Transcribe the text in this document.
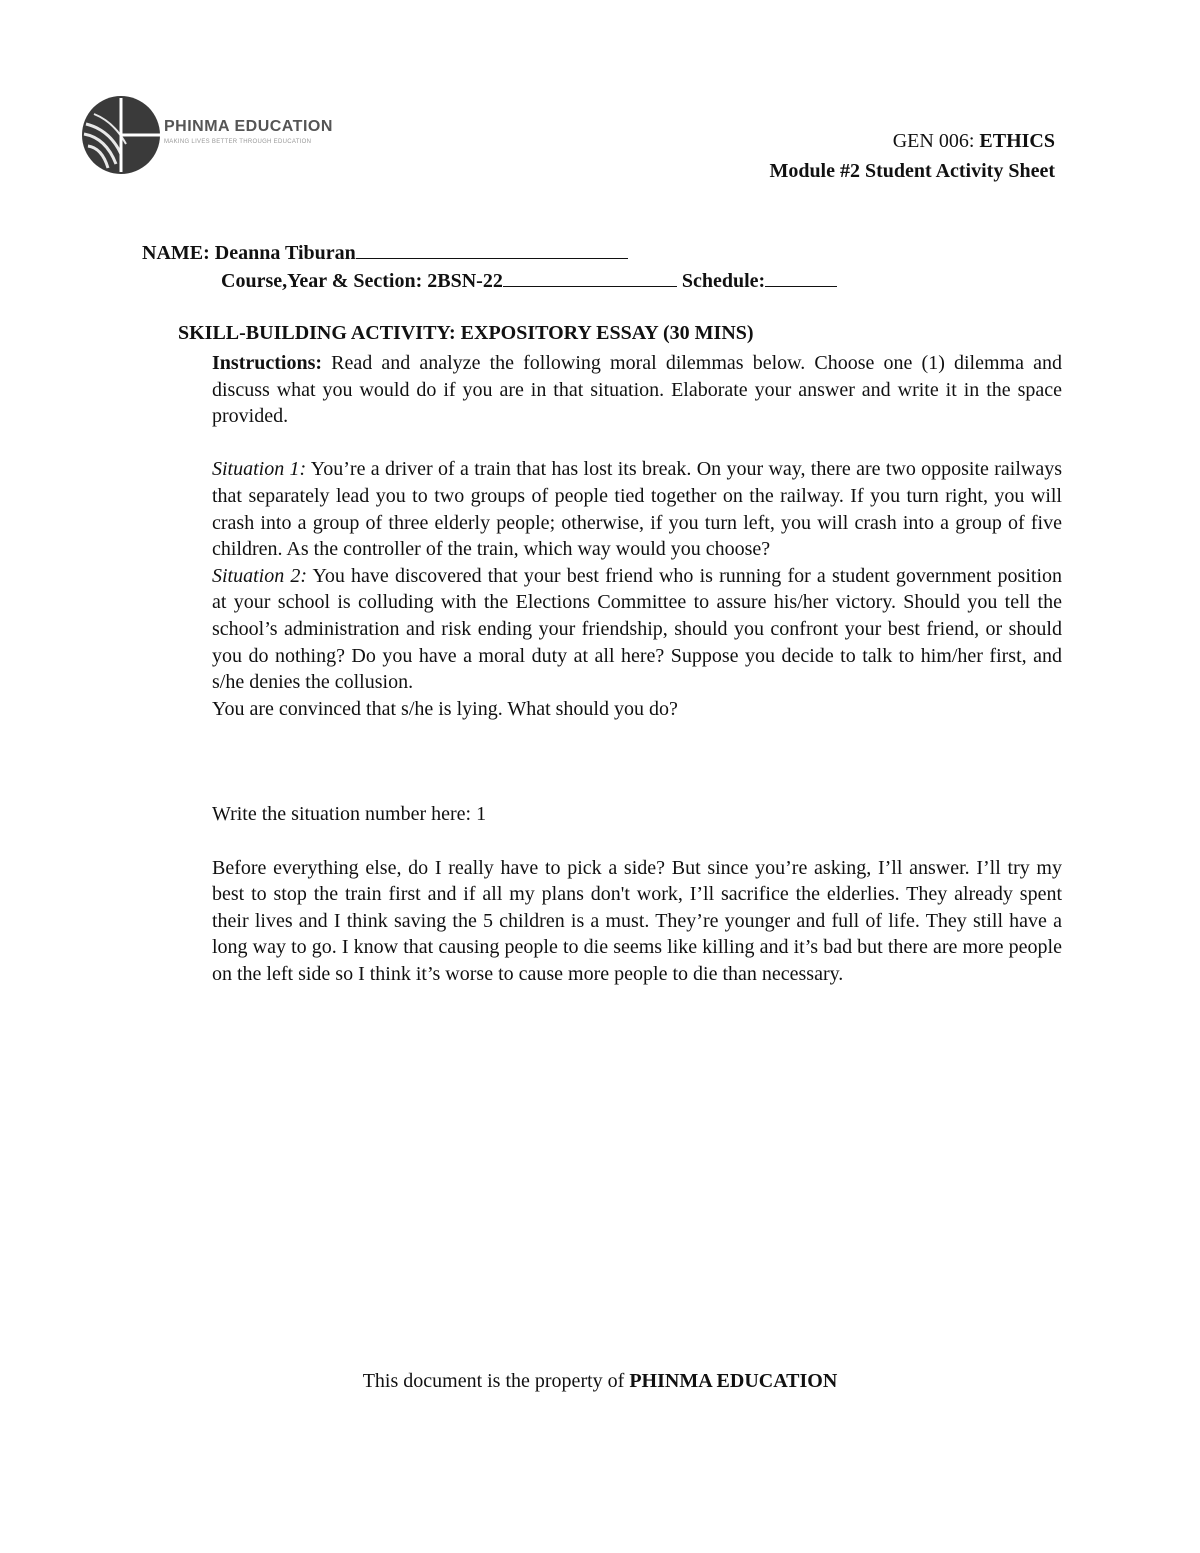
PHINMA EDUCATION
MAKING LIVES BETTER THROUGH EDUCATION	GEN 006: ETHICS
Module #2 Student Activity Sheet
NAME: Deanna Tiburan
Course,Year & Section: 2BSN-22	Schedule:
SKILL-BUILDING ACTIVITY: EXPOSITORY ESSAY (30 MINS)

Instructions: Read and analyze the following moral dilemmas below. Choose one (1) dilemma and discuss what you would do if you are in that situation. Elaborate your answer and write it in the space provided.

Situation 1: You’re a driver of a train that has lost its break. On your way, there are two opposite railways that separately lead you to two groups of people tied together on the railway. If you turn right, you will crash into a group of three elderly people; otherwise, if you turn left, you will crash into a group of five children. As the controller of the train, which way would you choose?

Situation 2: You have discovered that your best friend who is running for a student government position at your school is colluding with the Elections Committee to assure his/her victory. Should you tell the school’s administration and risk ending your friendship, should you confront your best friend, or should you do nothing? Do you have a moral duty at all here? Suppose you decide to talk to him/her first, and s/he denies the collusion.

You are convinced that s/he is lying. What should you do?

Write the situation number here: 1

Before everything else, do I really have to pick a side? But since you’re asking, I’ll answer. I’ll try my best to stop the train first and if all my plans don't work, I’ll sacrifice the elderlies. They already spent their lives and I think saving the 5 children is a must. They’re younger and full of life. They still have a long way to go. I know that causing people to die seems like killing and it’s bad but there are more people on the left side so I think it’s worse to cause more people to die than necessary.

This document is the property of PHINMA EDUCATION
